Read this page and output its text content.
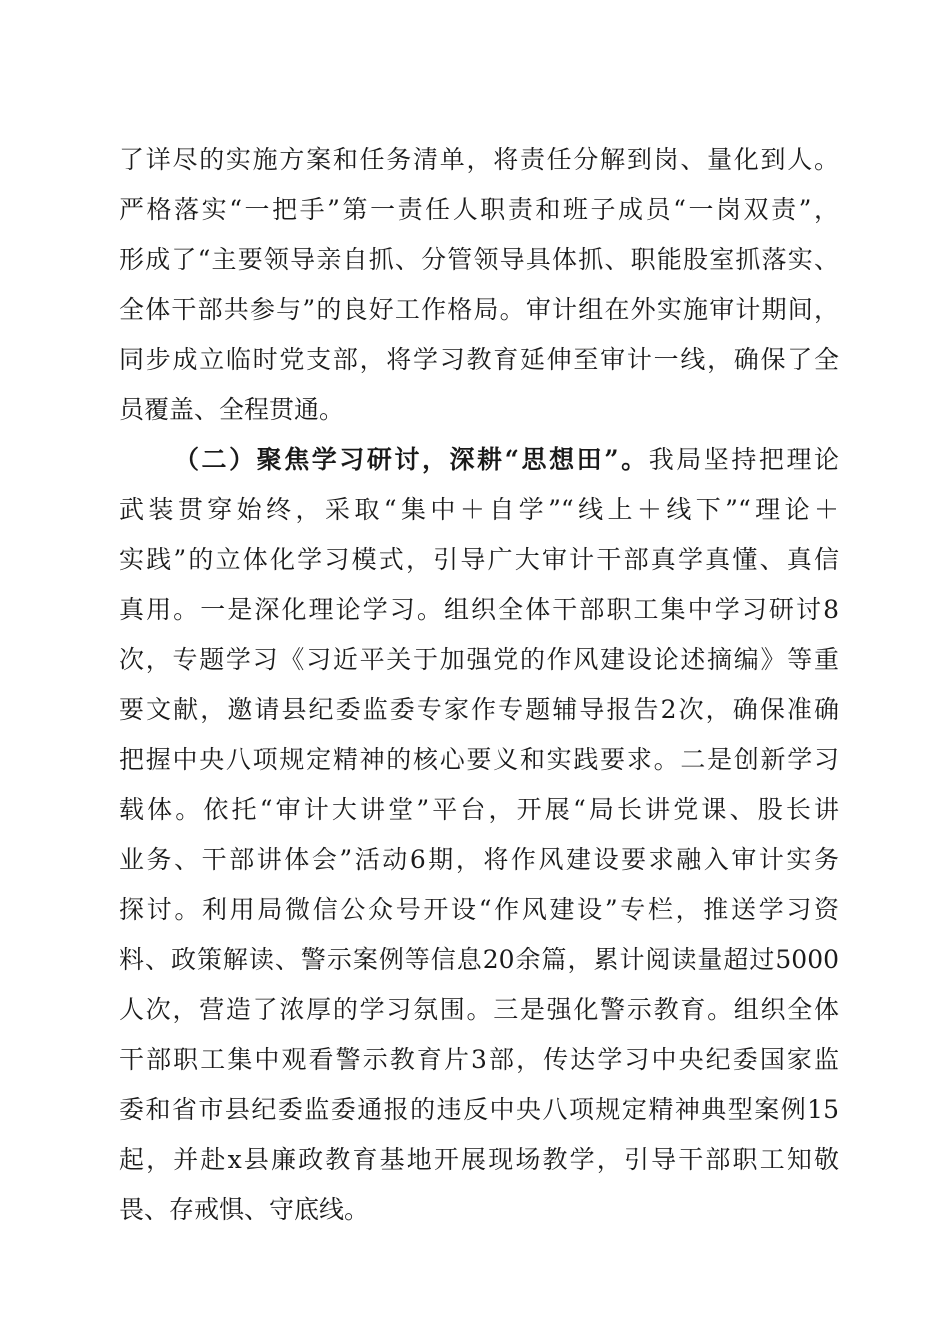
了详尽的实施方案和任务清单，将责任分解到岗、量化到人。
严格落实“一把手”第一责任人职责和班子成员“一岗双责”，
形成了“主要领导亲自抓、分管领导具体抓、职能股室抓落实、
全体干部共参与”的良好工作格局。审计组在外实施审计期间，
同步成立临时党支部，将学习教育延伸至审计一线，确保了全
员覆盖、全程贯通。
（二）聚焦学习研讨，深耕“思想田”。我局坚持把理论
武装贯穿始终，采取“集中＋自学”“线上＋线下”“理论＋
实践”的立体化学习模式，引导广大审计干部真学真懂、真信
真用。一是深化理论学习。组织全体干部职工集中学习研讨8
次，专题学习《习近平关于加强党的作风建设论述摘编》等重
要文献，邀请县纪委监委专家作专题辅导报告2次，确保准确
把握中央八项规定精神的核心要义和实践要求。二是创新学习
载体。依托“审计大讲堂”平台，开展“局长讲党课、股长讲
业务、干部讲体会”活动6期，将作风建设要求融入审计实务
探讨。利用局微信公众号开设“作风建设”专栏，推送学习资
料、政策解读、警示案例等信息20余篇，累计阅读量超过5000
人次，营造了浓厚的学习氛围。三是强化警示教育。组织全体
干部职工集中观看警示教育片3部，传达学习中央纪委国家监
委和省市县纪委监委通报的违反中央八项规定精神典型案例15
起，并赴x县廉政教育基地开展现场教学，引导干部职工知敬
畏、存戒惧、守底线。
